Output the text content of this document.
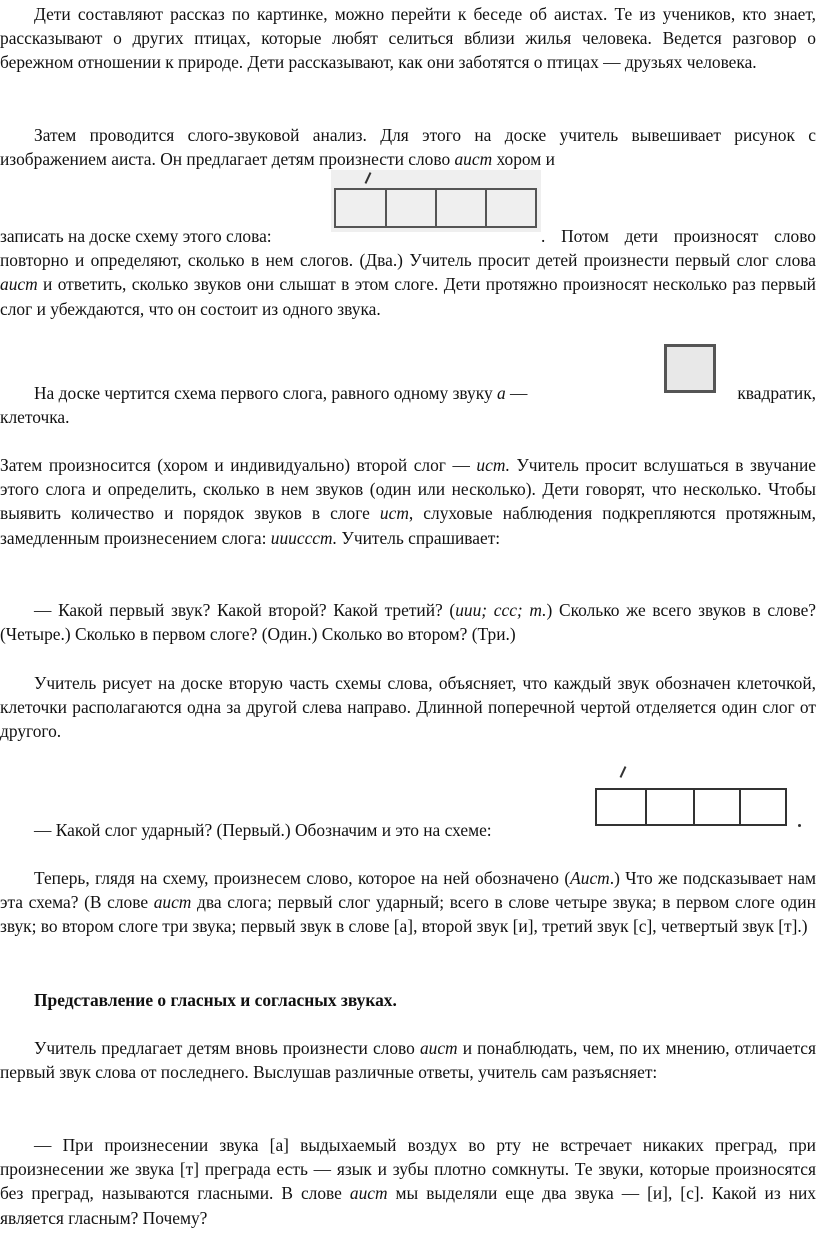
Дети составляют рассказ по картинке, можно перейти к беседе об аистах. Те из учеников, кто знает, рассказывают о других птицах, которые любят селиться вблизи жилья человека. Ведется разговор о бережном отношении к природе. Дети рассказывают, как они заботятся о птицах — друзьях человека.
Затем проводится слого-звуковой анализ. Для этого на доске учитель вывешивает рисунок с изображением аиста. Он предлагает детям произнести слово аист хором и
записать на доске схему этого слова:	. Потом дети произносят слово повторно и определяют, сколько в нем слогов. (Два.) Учитель просит детей произнести первый слог слова аист и ответить, сколько звуков они слышат в этом слоге. Дети протяжно произносят несколько раз первый слог и убеждаются, что он состоит из одного звука.
На доске чертится схема первого слога, равного одному звуку а —	квадратик,
клеточка.
Затем произносится (хором и индивидуально) второй слог — ист. Учитель просит вслушаться в звучание этого слога и определить, сколько в нем звуков (один или несколько). Дети говорят, что несколько. Чтобы выявить количество и порядок звуков в слоге ист, слуховые наблюдения подкрепляются протяжным, замедленным произнесением слога: иииссст. Учитель спрашивает:
— Какой первый звук? Какой второй? Какой третий? (иии; ссс; т.) Сколько же всего звуков в слове? (Четыре.) Сколько в первом слоге? (Один.) Сколько во втором? (Три.)
Учитель рисует на доске вторую часть схемы слова, объясняет, что каждый звук обозначен клеточкой, клеточки располагаются одна за другой слева направо. Длинной поперечной чертой отделяется один слог от другого.
— Какой слог ударный? (Первый.) Обозначим и это на схеме:
Теперь, глядя на схему, произнесем слово, которое на ней обозначено (Аист.) Что же подсказывает нам эта схема? (В слове аист два слога; первый слог ударный; всего в слове четыре звука; в первом слоге один звук; во втором слоге три звука; первый звук в слове [а], второй звук [и], третий звук [с], четвертый звук [т].)
Представление о гласных и согласных звуках.
Учитель предлагает детям вновь произнести слово аист и понаблюдать, чем, по их мнению, отличается первый звук слова от последнего. Выслушав различные ответы, учитель сам разъясняет:
— При произнесении звука [а] выдыхаемый воздух во рту не встречает никаких преград, при произнесении же звука [т] преграда есть — язык и зубы плотно сомкнуты. Те звуки, которые произносятся без преград, называются гласными. В слове аист мы выделяли еще два звука — [и], [с]. Какой из них является гласным? Почему?
